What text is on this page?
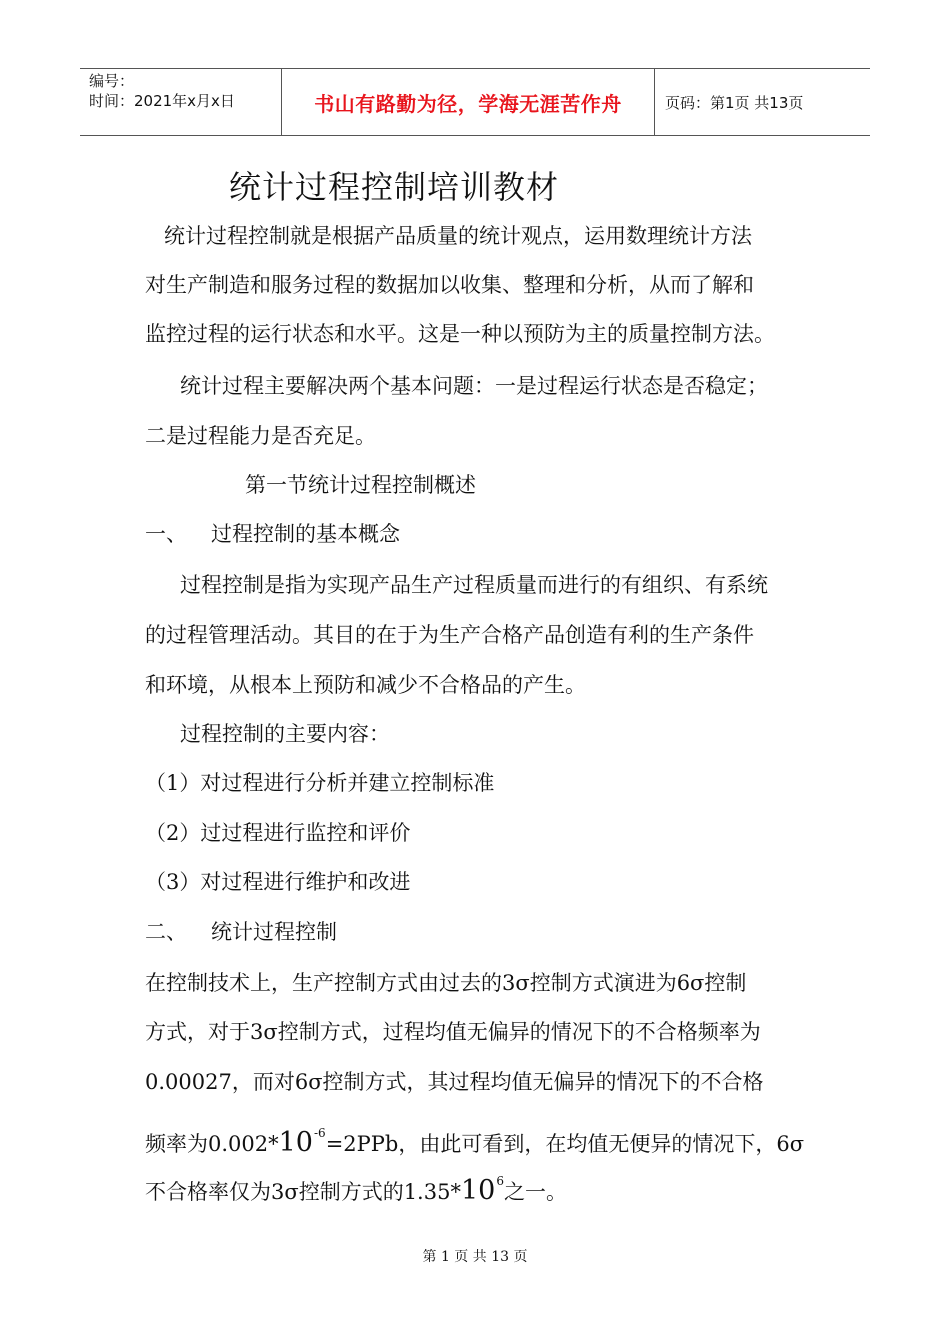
编号：
时间：2021年x月x日	书山有路勤为径，学海无涯苦作舟	页码：第1页 共13页
统计过程控制培训教材
统计过程控制就是根据产品质量的统计观点，运用数理统计方法
对生产制造和服务过程的数据加以收集、整理和分析，从而了解和
监控过程的运行状态和水平。这是一种以预防为主的质量控制方法。
统计过程主要解决两个基本问题：一是过程运行状态是否稳定；
二是过程能力是否充足。
第一节统计过程控制概述
一、 过程控制的基本概念
过程控制是指为实现产品生产过程质量而进行的有组织、有系统
的过程管理活动。其目的在于为生产合格产品创造有利的生产条件
和环境，从根本上预防和减少不合格品的产生。
过程控制的主要内容：
（1）对过程进行分析并建立控制标准
（2）过过程进行监控和评价
（3）对过程进行维护和改进
二、 统计过程控制
在控制技术上，生产控制方式由过去的3σ控制方式演进为6σ控制
方式，对于3σ控制方式，过程均值无偏异的情况下的不合格频率为
0.00027，而对6σ控制方式，其过程均值无偏异的情况下的不合格
频率为$0.002*10^{-6}=2PPb$，由此可看到，在均值无便异的情况下，6σ
不合格率仅为3σ控制方式的$1.35*10^6$之一。
第 1 页 共 13 页
